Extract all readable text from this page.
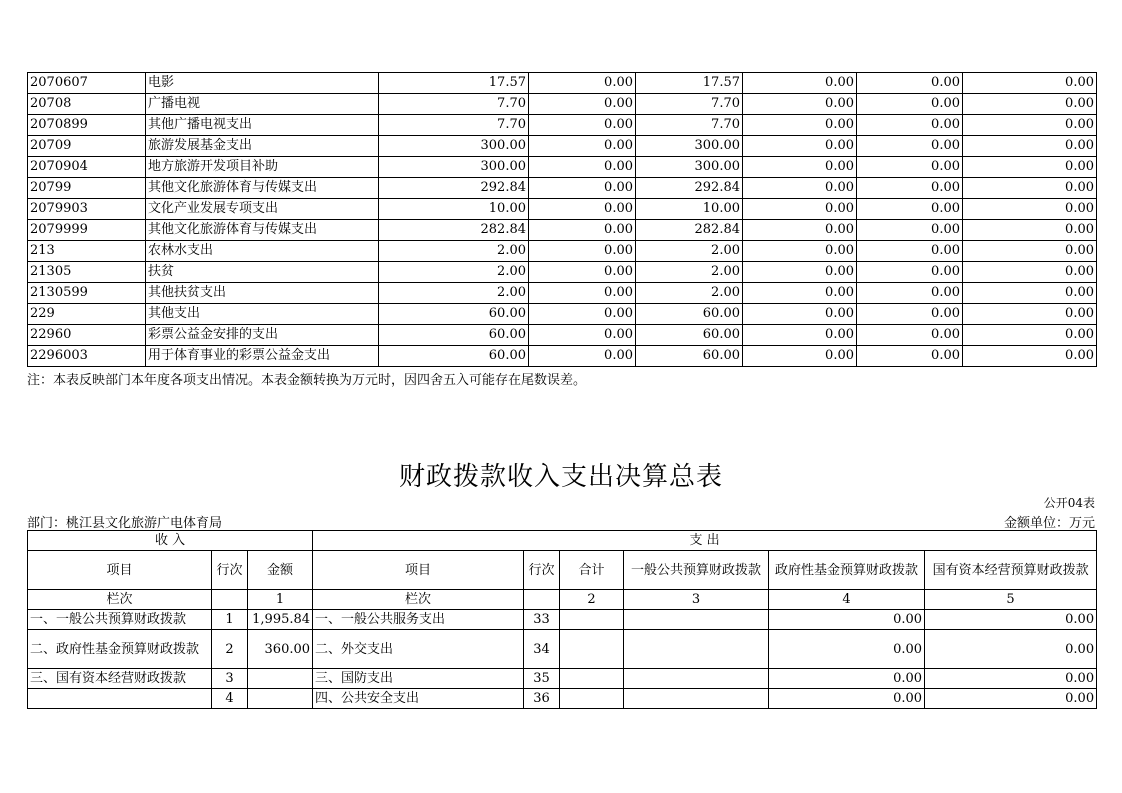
2070607	电影	17.57	0.00	17.57	0.00	0.00	0.00
20708	广播电视	7.70	0.00	7.70	0.00	0.00	0.00
2070899	其他广播电视支出	7.70	0.00	7.70	0.00	0.00	0.00
20709	旅游发展基金支出	300.00	0.00	300.00	0.00	0.00	0.00
2070904	地方旅游开发项目补助	300.00	0.00	300.00	0.00	0.00	0.00
20799	其他文化旅游体育与传媒支出	292.84	0.00	292.84	0.00	0.00	0.00
2079903	文化产业发展专项支出	10.00	0.00	10.00	0.00	0.00	0.00
2079999	其他文化旅游体育与传媒支出	282.84	0.00	282.84	0.00	0.00	0.00
213	农林水支出	2.00	0.00	2.00	0.00	0.00	0.00
21305	扶贫	2.00	0.00	2.00	0.00	0.00	0.00
2130599	其他扶贫支出	2.00	0.00	2.00	0.00	0.00	0.00
229	其他支出	60.00	0.00	60.00	0.00	0.00	0.00
22960	彩票公益金安排的支出	60.00	0.00	60.00	0.00	0.00	0.00
2296003	用于体育事业的彩票公益金支出	60.00	0.00	60.00	0.00	0.00	0.00
注：本表反映部门本年度各项支出情况。本表金额转换为万元时，因四舍五入可能存在尾数误差。
财政拨款收入支出决算总表
公开04表
部门：桃江县文化旅游广电体育局	金额单位：万元
收 入			支 出					
项目	行次	金额	项目	行次	合计	一般公共预算财政拨款	政府性基金预算财政拨款	国有资本经营预算财政拨款
栏次		1	栏次		2	3	4	5
一、一般公共预算财政拨款	1	1,995.84	一、一般公共服务支出	33			0.00	0.00
二、政府性基金预算财政拨款	2	360.00	二、外交支出	34			0.00	0.00
三、国有资本经营财政拨款	3		三、国防支出	35			0.00	0.00
	4		四、公共安全支出	36			0.00	0.00
